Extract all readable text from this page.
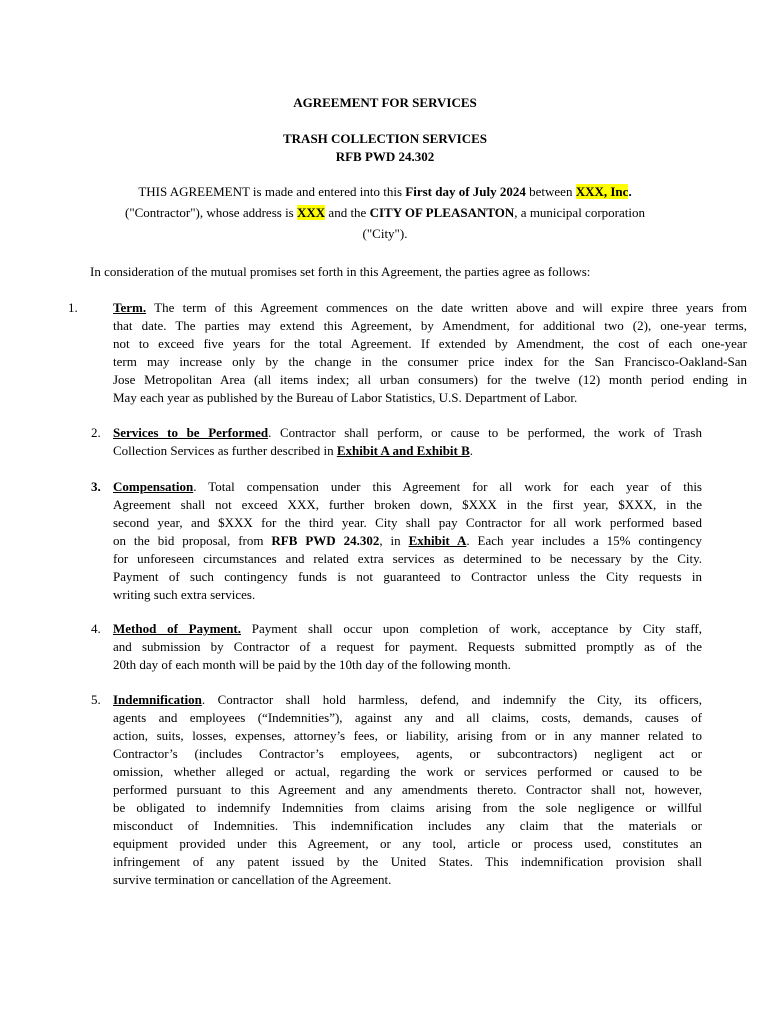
AGREEMENT FOR SERVICES
TRASH COLLECTION SERVICES
RFB PWD 24.302
THIS AGREEMENT is made and entered into this First day of July 2024 between XXX, Inc.
("Contractor"), whose address is XXX and the CITY OF PLEASANTON, a municipal corporation
("City").
In consideration of the mutual promises set forth in this Agreement, the parties agree as follows:
1.	Term. The term of this Agreement commences on the date written above and will expire three years from
that date. The parties may extend this Agreement, by Amendment, for additional two (2), one-year terms,
not to exceed five years for the total Agreement. If extended by Amendment, the cost of each one-year
term may increase only by the change in the consumer price index for the San Francisco-Oakland-San
Jose Metropolitan Area (all items index; all urban consumers) for the twelve (12) month period ending in
May each year as published by the Bureau of Labor Statistics, U.S. Department of Labor.
2. Services to be Performed. Contractor shall perform, or cause to be performed, the work of Trash
Collection Services as further described in Exhibit A and Exhibit B.
3. Compensation. Total compensation under this Agreement for all work for each year of this
Agreement shall not exceed XXX, further broken down, $XXX in the first year, $XXX, in the
second year, and $XXX for the third year. City shall pay Contractor for all work performed based
on the bid proposal, from RFB PWD 24.302, in Exhibit A. Each year includes a 15% contingency
for unforeseen circumstances and related extra services as determined to be necessary by the City.
Payment of such contingency funds is not guaranteed to Contractor unless the City requests in
writing such extra services.
4. Method of Payment. Payment shall occur upon completion of work, acceptance by City staff,
and submission by Contractor of a request for payment. Requests submitted promptly as of the
20th day of each month will be paid by the 10th day of the following month.
5. Indemnification. Contractor shall hold harmless, defend, and indemnify the City, its officers,
agents and employees (“Indemnities”), against any and all claims, costs, demands, causes of
action, suits, losses, expenses, attorney’s fees, or liability, arising from or in any manner related to
Contractor’s (includes Contractor’s employees, agents, or subcontractors) negligent act or
omission, whether alleged or actual, regarding the work or services performed or caused to be
performed pursuant to this Agreement and any amendments thereto. Contractor shall not, however,
be obligated to indemnify Indemnities from claims arising from the sole negligence or willful
misconduct of Indemnities. This indemnification includes any claim that the materials or
equipment provided under this Agreement, or any tool, article or process used, constitutes an
infringement of any patent issued by the United States. This indemnification provision shall
survive termination or cancellation of the Agreement.
